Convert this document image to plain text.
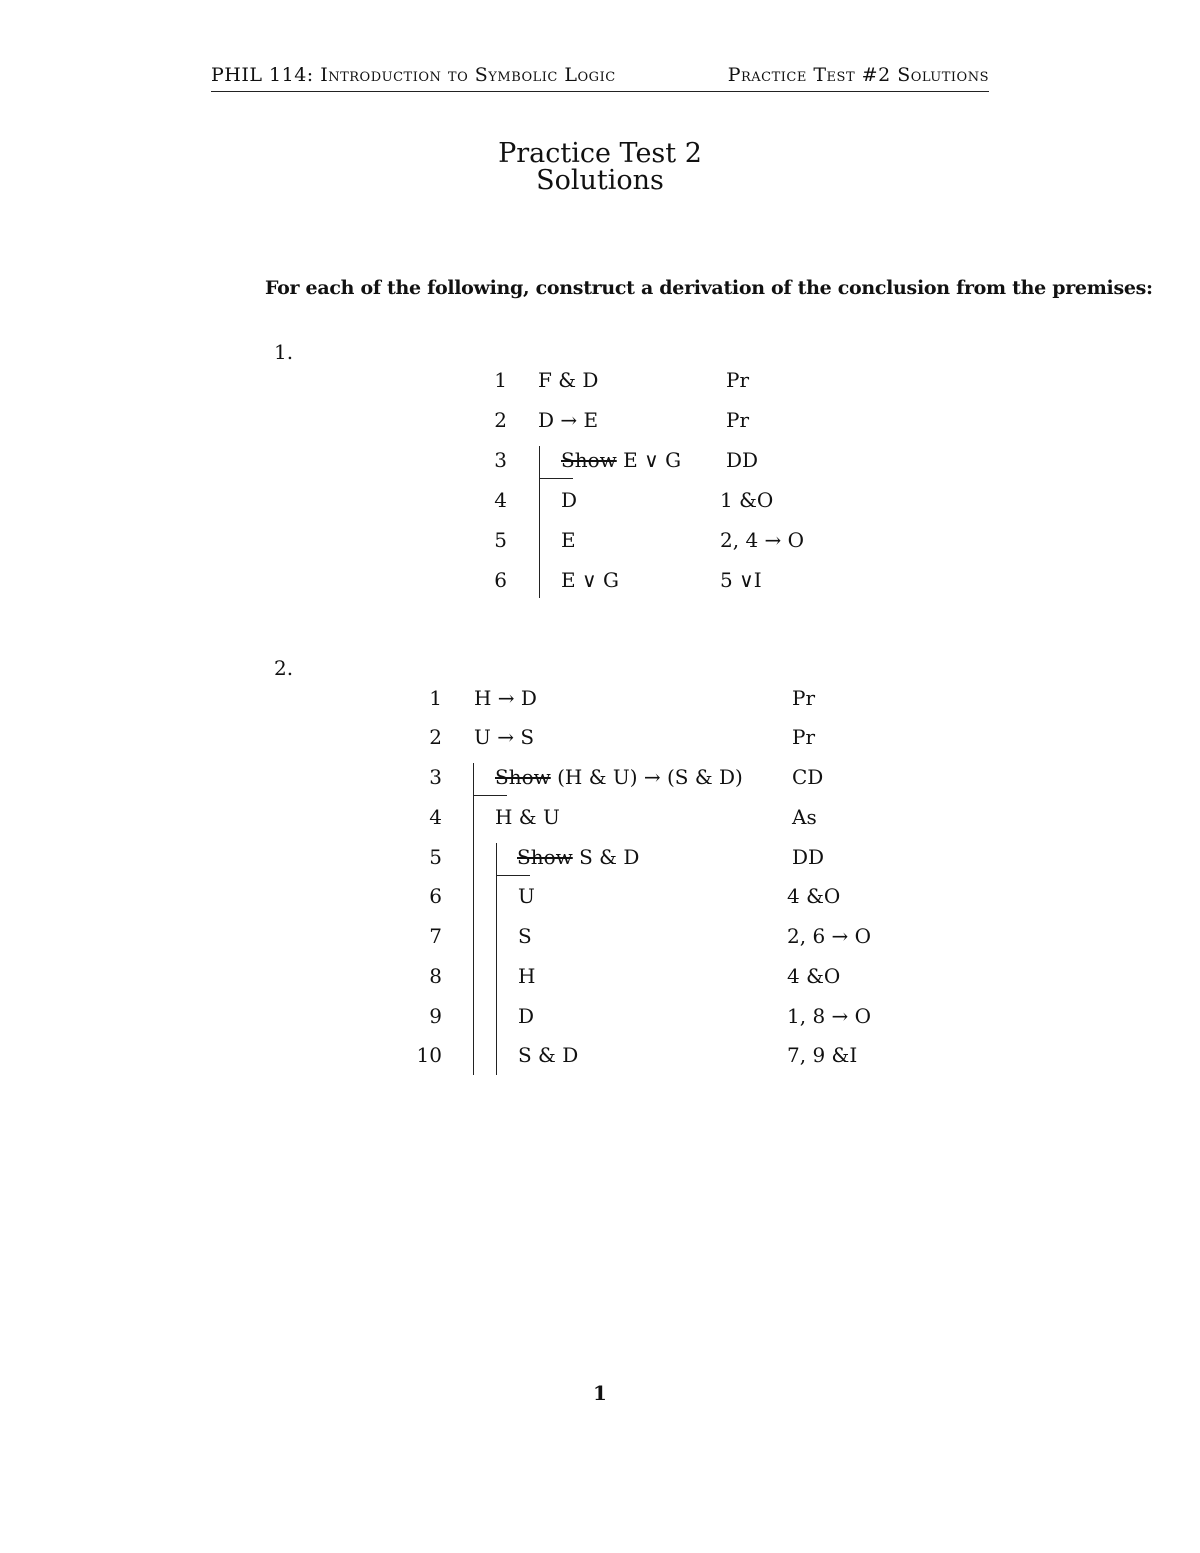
PHIL 114: Introduction to Symbolic Logic	Practice Test #2 Solutions
Practice Test 2
Solutions
For each of the following, construct a derivation of the conclusion from the premises:
1.
1
2
3
4
5
6
F & D
D → E
Show E ∨ G
D
E
E ∨ G
Pr
Pr
DD
1 &O
2, 4 → O
5 ∨I
2.
1
2
3
4
5
6
7
8
9
10
H → D
U → S
Show (H & U) → (S & D)
H & U
Show S & D
U
S
H
D
S & D
Pr
Pr
CD
As
DD
4 &O
2, 6 → O
4 &O
1, 8 → O
7, 9 &I
1
